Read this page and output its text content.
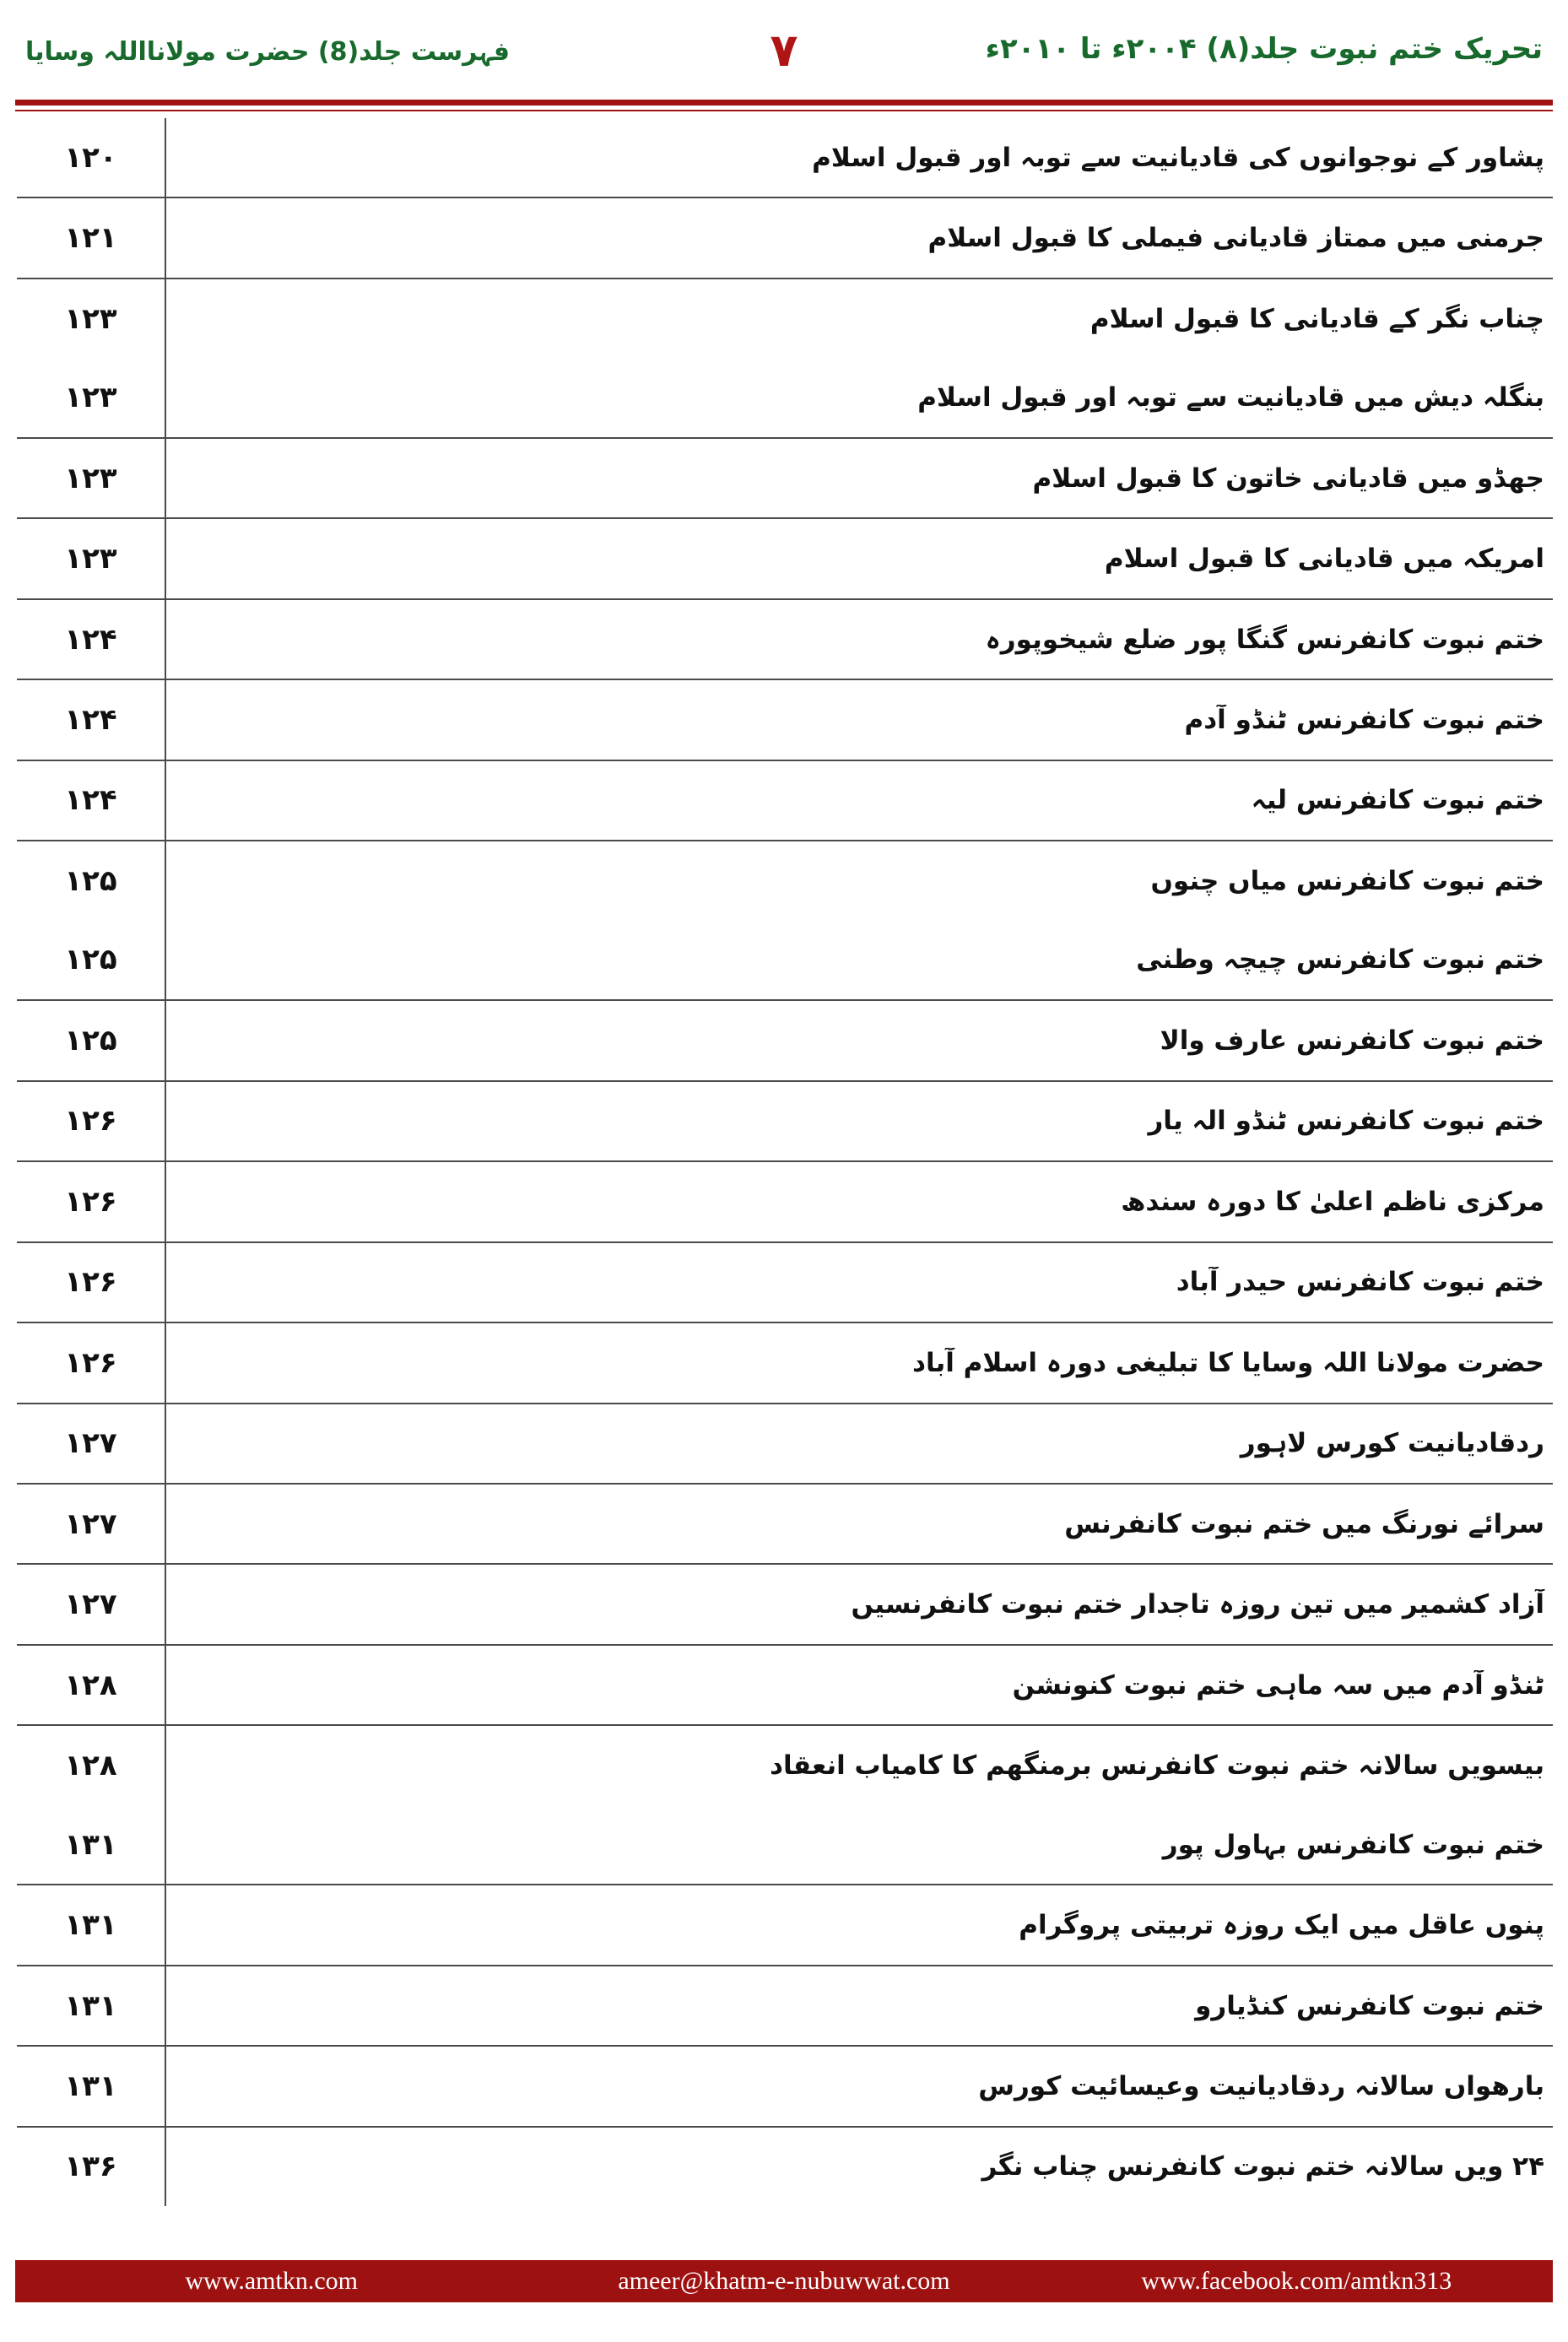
تحریک ختم نبوت جلد(۸) ۲۰۰۴ء تا ۲۰۱۰ء
۷
فہرست جلد(8) حضرت مولانااللہ وسایا
۱۲۰	پشاور کے نوجوانوں کی قادیانیت سے توبہ اور قبول اسلام
۱۲۱	جرمنی میں ممتاز قادیانی فیملی کا قبول اسلام
۱۲۳	چناب نگر کے قادیانی کا قبول اسلام
۱۲۳	بنگلہ دیش میں قادیانیت سے توبہ اور قبول اسلام
۱۲۳	جھڈو میں قادیانی خاتون کا قبول اسلام
۱۲۳	امریکہ میں قادیانی کا قبول اسلام
۱۲۴	ختم نبوت کانفرنس گنگا پور ضلع شیخوپورہ
۱۲۴	ختم نبوت کانفرنس ٹنڈو آدم
۱۲۴	ختم نبوت کانفرنس لیہ
۱۲۵	ختم نبوت کانفرنس میاں چنوں
۱۲۵	ختم نبوت کانفرنس چیچہ وطنی
۱۲۵	ختم نبوت کانفرنس عارف والا
۱۲۶	ختم نبوت کانفرنس ٹنڈو الہ یار
۱۲۶	مرکزی ناظم اعلیٰ کا دورہ سندھ
۱۲۶	ختم نبوت کانفرنس حیدر آباد
۱۲۶	حضرت مولانا اللہ وسایا کا تبلیغی دورہ اسلام آباد
۱۲۷	ردقادیانیت کورس لاہور
۱۲۷	سرائے نورنگ میں ختم نبوت کانفرنس
۱۲۷	آزاد کشمیر میں تین روزہ تاجدار ختم نبوت کانفرنسیں
۱۲۸	ٹنڈو آدم میں سہ ماہی ختم نبوت کنونشن
۱۲۸	بیسویں سالانہ ختم نبوت کانفرنس برمنگھم کا کامیاب انعقاد
۱۳۱	ختم نبوت کانفرنس بہاول پور
۱۳۱	پنوں عاقل میں ایک روزہ تربیتی پروگرام
۱۳۱	ختم نبوت کانفرنس کنڈیارو
۱۳۱	بارھواں سالانہ ردقادیانیت وعیسائیت کورس
۱۳۶	۲۴ ویں سالانہ ختم نبوت کانفرنس چناب نگر
www.amtkn.com	ameer@khatm-e-nubuwwat.com	www.facebook.com/amtkn313
